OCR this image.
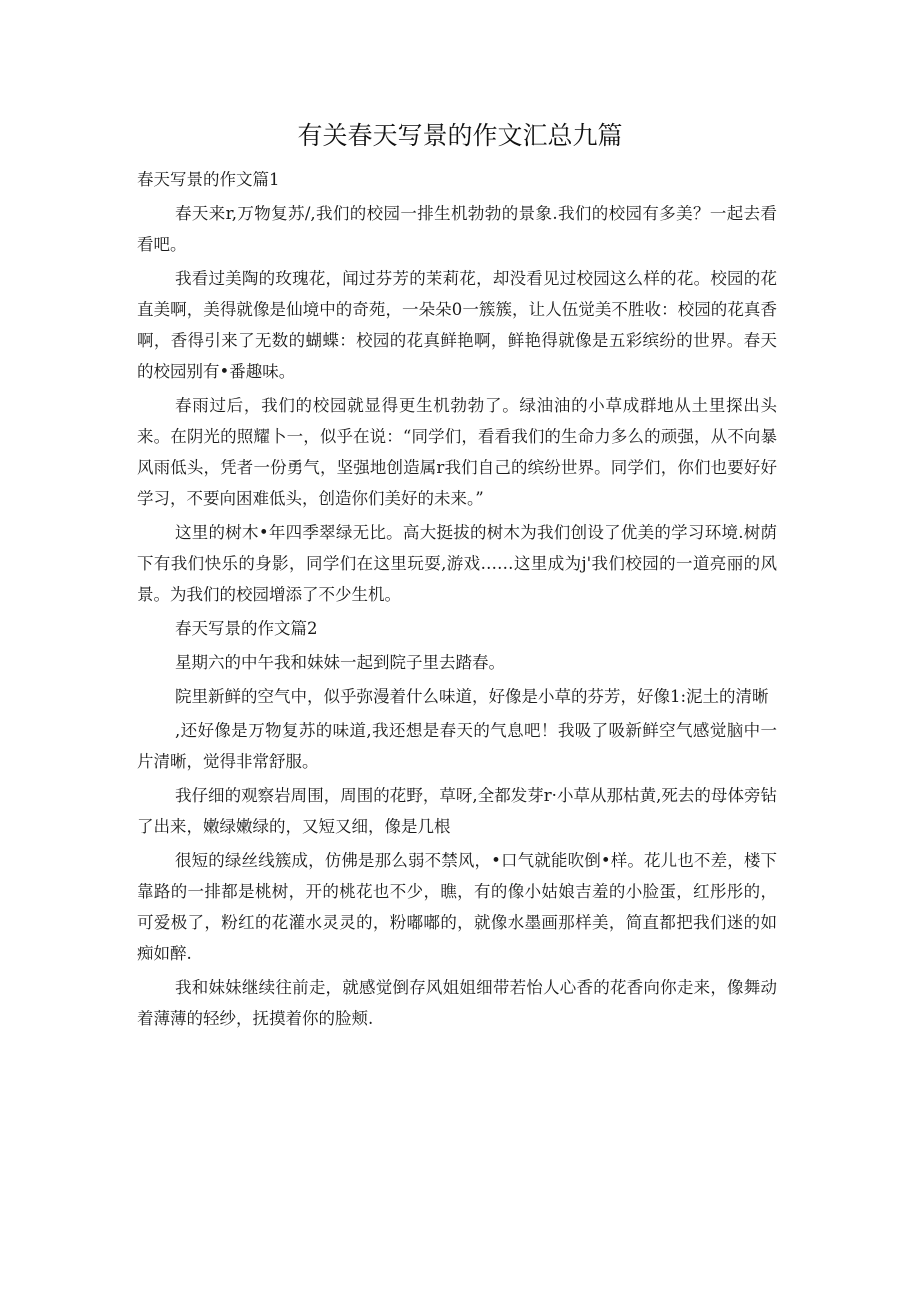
有关春天写景的作文汇总九篇

春天写景的作文篇1

春天来r,万物复苏/,我们的校园一排生机勃勃的景象.我们的校园有多美？一起去看看吧。

我看过美陶的玫瑰花，闻过芬芳的茉莉花，却没看见过校园这么样的花。校园的花直美啊，美得就像是仙境中的奇苑，一朵朵0一簇簇，让人伍觉美不胜收：校园的花真香啊，香得引来了无数的蝴蝶：校园的花真鲜艳啊，鲜艳得就像是五彩缤纷的世界。春天的校园别有•番趣味。

春雨过后，我们的校园就显得更生机勃勃了。绿油油的小草成群地从土里探出头来。在阴光的照耀卜一，似乎在说：“同学们，看看我们的生命力多么的顽强，从不向暴风雨低头，凭者一份勇气，坚强地创造属r我们自己的缤纷世界。同学们，你们也要好好学习，不要向困难低头，创造你们美好的未来。”

这里的树木•年四季翠绿无比。高大挺拔的树木为我们创设了优美的学习环境.树荫下有我们快乐的身影，同学们在这里玩耍,游戏……这里成为j'我们校园的一道亮丽的风景。为我们的校园增添了不少生机。

春天写景的作文篇2

星期六的中午我和妹妹一起到院子里去踏春。

院里新鲜的空气中，似乎弥漫着什么味道，好像是小草的芬芳，好像1:泥土的清晰

,还好像是万物复苏的味道,我还想是春天的气息吧！我吸了吸新鲜空气感觉脑中一片清晰，觉得非常舒服。

我仔细的观察岩周围，周围的花野，草呀,全都发芽r·小草从那枯黄,死去的母体旁钻了出来，嫩绿嫩绿的，又短又细，像是几根

很短的绿丝线簇成，仿佛是那么弱不禁风，•口气就能吹倒•样。花儿也不差，楼下靠路的一排都是桃树，开的桃花也不少，瞧，有的像小姑娘吉羞的小脸蛋，红彤彤的，可爱极了，粉红的花灌水灵灵的，粉嘟嘟的，就像水墨画那样美，简直都把我们迷的如痴如醉.

我和妹妹继续往前走，就感觉倒存风姐姐细带若怡人心香的花香向你走来，像舞动着薄薄的轻纱，抚摸着你的脸颊.
